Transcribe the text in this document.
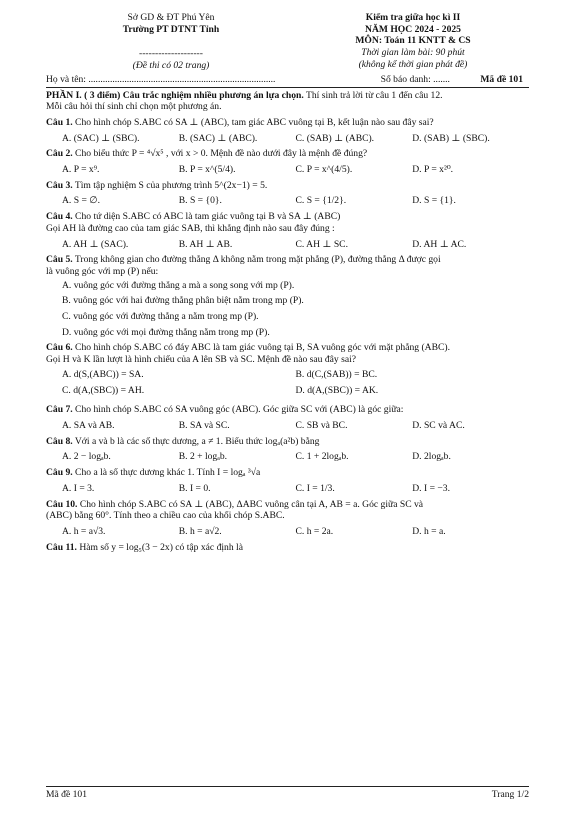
Sở GD & ĐT Phú Yên
Trường PT DTNT Tỉnh
--------------------
(Đề thi có 02 trang)
Kiểm tra giữa học kì II
NĂM HỌC 2024 - 2025
MÔN: Toán 11 KNTT & CS
Thời gian làm bài: 90 phút
(không kể thời gian phát đề)
Họ và tên: ..............................................................................	Số báo danh: .......	Mã đề 101
PHẦN I. ( 3 điểm) Câu trắc nghiệm nhiều phương án lựa chọn. Thí sinh trả lời từ câu 1 đến câu 12.
Mỗi câu hỏi thí sinh chỉ chọn một phương án.
Câu 1. Cho hình chóp S.ABC có SA ⊥ (ABC), tam giác ABC vuông tại B, kết luận nào sau đây sai?
A. (SAC) ⊥ (SBC).	B. (SAC) ⊥ (ABC).	C. (SAB) ⊥ (ABC).	D. (SAB) ⊥ (SBC).
Câu 2. Cho biểu thức P = ⁴√x⁵ , với x > 0. Mệnh đề nào dưới đây là mệnh đề đúng?
A. P = x⁹.	B. P = x^(5/4).	C. P = x^(4/5).	D. P = x²⁰.
Câu 3. Tìm tập nghiệm S của phương trình 5^(2x−1) = 5.
A. S = ∅.	B. S = {0}.	C. S = {1/2}.	D. S = {1}.
Câu 4. Cho tứ diện S.ABC có ABC là tam giác vuông tại B và SA ⊥ (ABC)
Gọi AH là đường cao của tam giác SAB, thì khẳng định nào sau đây đúng :
A. AH ⊥ (SAC).	B. AH ⊥ AB.	C. AH ⊥ SC.	D. AH ⊥ AC.
Câu 5. Trong không gian cho đường thẳng Δ không nằm trong mặt phẳng (P), đường thẳng Δ được gọi
là vuông góc với mp (P) nếu:
A. vuông góc với đường thẳng a mà a song song với mp (P).
B. vuông góc với hai đường thẳng phân biệt nằm trong mp (P).
C. vuông góc với đường thẳng a nằm trong mp (P).
D. vuông góc với mọi đường thẳng nằm trong mp (P).
Câu 6. Cho hình chóp S.ABC có đáy ABC là tam giác vuông tại B, SA vuông góc với mặt phẳng (ABC).
Gọi H và K lần lượt là hình chiếu của A lên SB và SC. Mệnh đề nào sau đây sai?
A. d(S,(ABC)) = SA.	B. d(C,(SAB)) = BC.
C. d(A,(SBC)) = AH.	D. d(A,(SBC)) = AK.
Câu 7. Cho hình chóp S.ABC có SA vuông góc (ABC). Góc giữa SC với (ABC) là góc giữa:
A. SA và AB.	B. SA và SC.	C. SB và BC.	D. SC và AC.
Câu 8. Với a và b là các số thực dương, a ≠ 1. Biểu thức logₐ(a²b) bằng
A. 2 − logₐb.	B. 2 + logₐb.	C. 1 + 2logₐb.	D. 2logₐb.
Câu 9. Cho a là số thực dương khác 1. Tính I = logₐ ³√a
A. I = 3.	B. I = 0.	C. I = 1/3.	D. I = −3.
Câu 10. Cho hình chóp S.ABC có SA ⊥ (ABC), ΔABC vuông cân tại A, AB = a. Góc giữa SC và
(ABC) bằng 60°. Tính theo a chiều cao của khối chóp S.ABC.
A. h = a√3.	B. h = a√2.	C. h = 2a.	D. h = a.
Câu 11. Hàm số y = log₅(3 − 2x) có tập xác định là
Mã đề 101	Trang 1/2
